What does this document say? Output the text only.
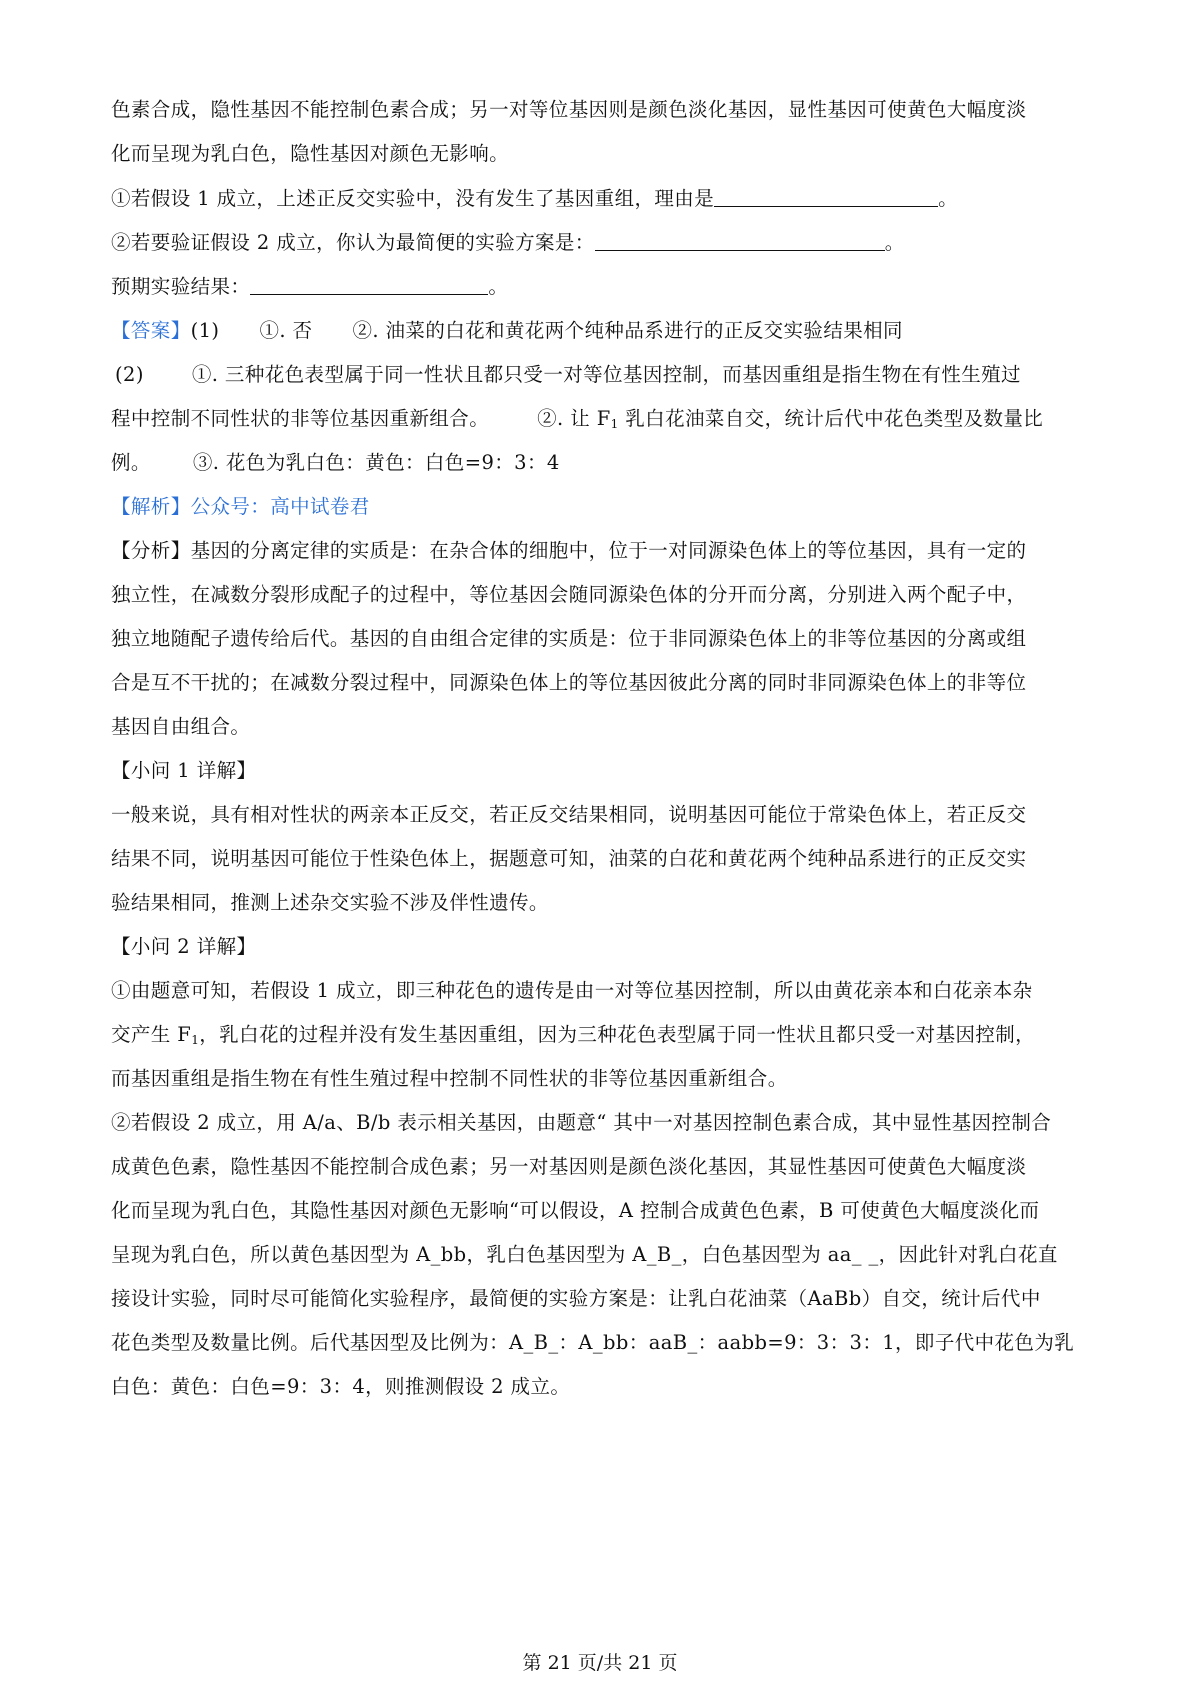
色素合成，隐性基因不能控制色素合成；另一对等位基因则是颜色淡化基因，显性基因可使黄色大幅度淡
化而呈现为乳白色，隐性基因对颜色无影响。
①若假设 1 成立，上述正反交实验中，没有发生了基因重组，理由是	。
②若要验证假设 2 成立，你认为最简便的实验方案是：	。
预期实验结果：	。
【答案】(1) ①. 否 ②. 油菜的白花和黄花两个纯种品系进行的正反交实验结果相同
(2) ①. 三种花色表型属于同一性状且都只受一对等位基因控制，而基因重组是指生物在有性生殖过
程中控制不同性状的非等位基因重新组合。 ②. 让 $F_1$ 乳白花油菜自交，统计后代中花色类型及数量比
例。 ③. 花色为乳白色：黄色：白色=9：3：4
【解析】公众号：高中试卷君
【分析】基因的分离定律的实质是：在杂合体的细胞中，位于一对同源染色体上的等位基因，具有一定的
独立性，在减数分裂形成配子的过程中，等位基因会随同源染色体的分开而分离，分别进入两个配子中，
独立地随配子遗传给后代。基因的自由组合定律的实质是：位于非同源染色体上的非等位基因的分离或组
合是互不干扰的；在减数分裂过程中，同源染色体上的等位基因彼此分离的同时非同源染色体上的非等位
基因自由组合。
【小问 1 详解】
一般来说，具有相对性状的两亲本正反交，若正反交结果相同，说明基因可能位于常染色体上，若正反交
结果不同，说明基因可能位于性染色体上，据题意可知，油菜的白花和黄花两个纯种品系进行的正反交实
验结果相同，推测上述杂交实验不涉及伴性遗传。
【小问 2 详解】
①由题意可知，若假设 1 成立，即三种花色的遗传是由一对等位基因控制，所以由黄花亲本和白花亲本杂
交产生 $F_1$，乳白花的过程并没有发生基因重组，因为三种花色表型属于同一性状且都只受一对基因控制，
而基因重组是指生物在有性生殖过程中控制不同性状的非等位基因重新组合。
②若假设 2 成立，用 A/a、B/b 表示相关基因，由题意“ 其中一对基因控制色素合成，其中显性基因控制合
成黄色色素，隐性基因不能控制合成色素；另一对基因则是颜色淡化基因，其显性基因可使黄色大幅度淡
化而呈现为乳白色，其隐性基因对颜色无影响“可以假设，A 控制合成黄色色素，B 可使黄色大幅度淡化而
呈现为乳白色，所以黄色基因型为 A_bb，乳白色基因型为 A_B_，白色基因型为 aa_ _，因此针对乳白花直
接设计实验，同时尽可能简化实验程序，最简便的实验方案是：让乳白花油菜（AaBb）自交，统计后代中
花色类型及数量比例。后代基因型及比例为：A_B_：A_bb：aaB_：aabb=9：3：3：1，即子代中花色为乳
白色：黄色：白色=9：3：4，则推测假设 2 成立。
第 21 页/共 21 页
